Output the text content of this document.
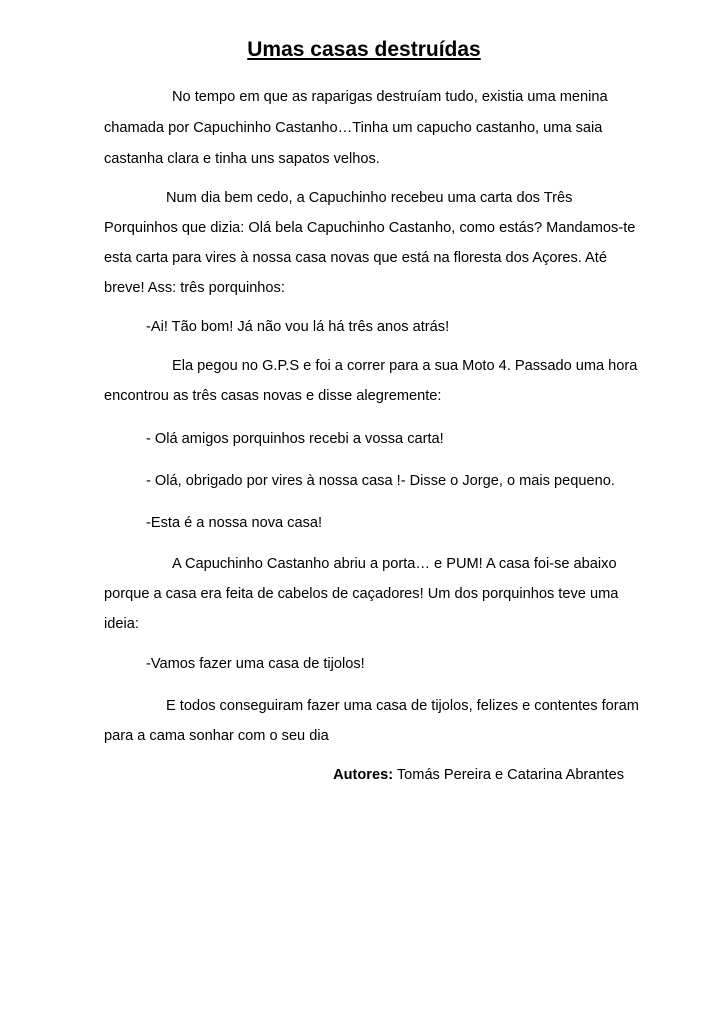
Umas casas destruídas
No tempo em que as raparigas destruíam tudo, existia uma menina
chamada por Capuchinho Castanho…Tinha um capucho castanho, uma saia
castanha clara e tinha uns sapatos velhos.
Num dia bem cedo, a Capuchinho recebeu uma carta dos Três
Porquinhos que dizia: Olá bela Capuchinho Castanho, como estás? Mandamos-te
esta carta para vires à nossa casa novas que está na floresta dos Açores. Até
breve! Ass: três porquinhos:
-Ai! Tão bom! Já não vou lá há três anos atrás!
Ela pegou no G.P.S e foi a correr para a sua Moto 4. Passado uma hora
encontrou as três casas novas e disse alegremente:
- Olá amigos porquinhos recebi a vossa carta!
- Olá, obrigado por vires à nossa casa !- Disse o Jorge, o mais pequeno.
-Esta é a nossa nova casa!
A Capuchinho Castanho abriu a porta… e PUM! A casa foi-se abaixo
porque a casa era feita de cabelos de caçadores! Um dos porquinhos teve uma
ideia:
-Vamos fazer uma casa de tijolos!
E todos conseguiram fazer uma casa de tijolos, felizes e contentes foram
para a cama sonhar com o seu dia
Autores: Tomás Pereira e Catarina Abrantes
